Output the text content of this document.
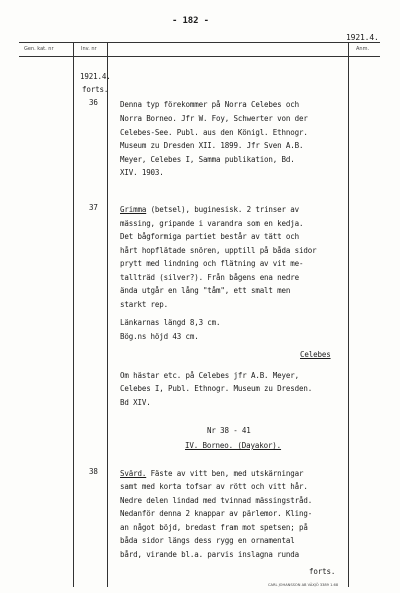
- 182 -
1921.4.
Gen. kat. nr	Inv. nr	Anm.
1921.4.
forts.
36	Denna typ förekommer på Norra Celebes och
Norra Borneo. Jfr W. Foy, Schwerter von der
Celebes-See. Publ. aus den Königl. Ethnogr.
Museum zu Dresden XII. 1899. Jfr Sven A.B.
Meyer, Celebes I, Samma publikation, Bd.
XIV. 1903.
37	Grimma (betsel), buginesisk. 2 trinser av
mässing, gripande i varandra som en kedja.
Det bågformiga partiet består av tätt och
hårt hopflätade snören, upptill på båda sidor
prytt med lindning och flätning av vit me-
tallträd (silver?). Från bågens ena nedre
ända utgår en lång "tåm", ett smalt men
starkt rep.
Länkarnas längd 8,3 cm.
Bög.ns höjd 43 cm.
Celebes
Om hästar etc. på Celebes jfr A.B. Meyer,
Celebes I, Publ. Ethnogr. Museum zu Dresden.
Bd XIV.
Nr 38 - 41
IV. Borneo. (Dayakor).
38	Svärd. Fäste av vitt ben, med utskärningar
samt med korta tofsar av rött och vitt hår.
Nedre delen lindad med tvinnad mässingstråd.
Nedanför denna 2 knappar av pärlemor. Kling-
an något böjd, bredast fram mot spetsen; på
båda sidor längs dess rygg en ornamental
bård, virande bl.a. parvis inslagna runda
forts.
CARL JOHANSSON AB VÄXJÖ 3389 1.68
